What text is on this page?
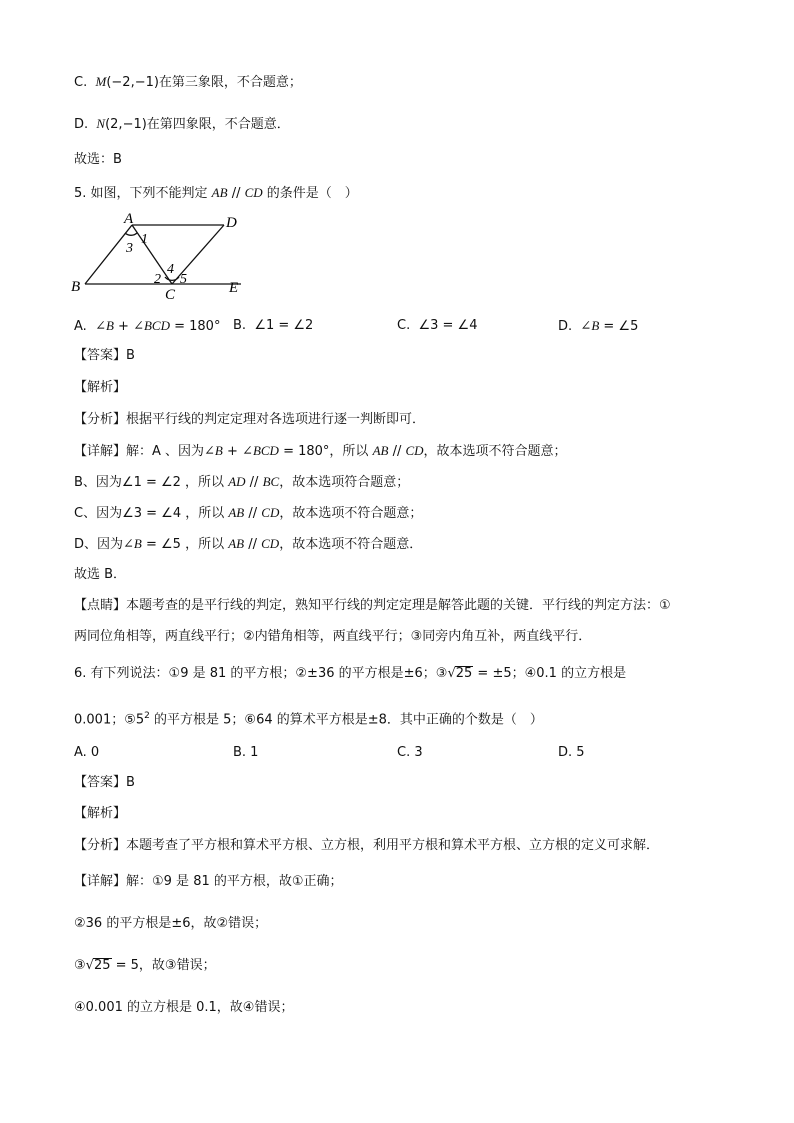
C.  M(−2,−1)在第三象限，不合题意；
D.  N(2,−1)在第四象限，不合题意．
故选：B
5. 如图，下列不能判定 AB // CD 的条件是（　）
A	D
B	C	E
3
1
2
4
5
A.  ∠B + ∠BCD = 180° B.  ∠1 = ∠2	C.  ∠3 = ∠4	D.  ∠B = ∠5
【答案】B
【解析】
【分析】根据平行线的判定定理对各选项进行逐一判断即可．
【详解】解：A 、因为∠B + ∠BCD = 180°，所以 AB // CD，故本选项不符合题意；
B、因为∠1 = ∠2 ，所以 AD // BC，故本选项符合题意；
C、因为∠3 = ∠4 ，所以 AB // CD，故本选项不符合题意；
D、因为∠B = ∠5 ，所以 AB // CD，故本选项不符合题意．
故选 B．
【点睛】本题考查的是平行线的判定，熟知平行线的判定定理是解答此题的关键．平行线的判定方法：①
两同位角相等，两直线平行；②内错角相等，两直线平行；③同旁内角互补，两直线平行．
6. 有下列说法：①9 是 81 的平方根；②±36 的平方根是±6；③√25 = ±5；④0.1 的立方根是
0.001；$⑤5^2$ 的平方根是 5；⑥64 的算术平方根是±8．其中正确的个数是（　）
A. 0	B. 1	C. 3	D. 5
【答案】B
【解析】
【分析】本题考查了平方根和算术平方根、立方根，利用平方根和算术平方根、立方根的定义可求解．
【详解】解：①9 是 81 的平方根，故①正确；
②36 的平方根是±6，故②错误；
③√25 = 5，故③错误；
④0.001 的立方根是 0.1，故④错误；
